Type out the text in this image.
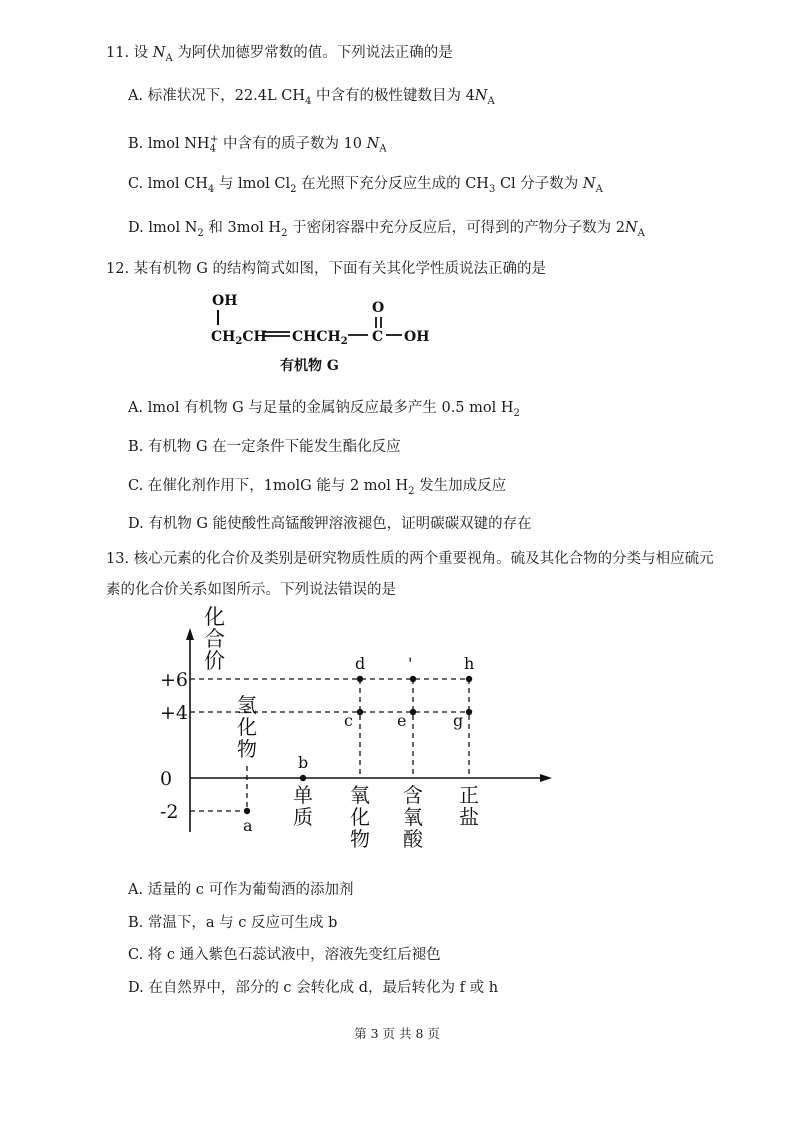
11. 设 $N_A$ 为阿伏加德罗常数的值。下列说法正确的是
A. 标准状况下，22.4L $CH_4$ 中含有的极性键数目为 $4N_A$
B. lmol $NH_4^+$ 中含有的质子数为 10 $N_A$
C. lmol $CH_4$ 与 lmol $Cl_2$ 在光照下充分反应生成的 $CH_3$ Cl 分子数为 $N_A$
D. lmol $N_2$ 和 3mol $H_2$ 于密闭容器中充分反应后，可得到的产物分子数为 $2N_A$
12. 某有机物 G 的结构简式如图，下面有关其化学性质说法正确的是
OH	O
$CH_2CH$ $CHCH_2$ C OH
有机物 G
A. lmol 有机物 G 与足量的金属钠反应最多产生 0.5 mol $H_2$
B. 有机物 G 在一定条件下能发生酯化反应
C. 在催化剂作用下，1molG 能与 2 mol $H_2$ 发生加成反应
D. 有机物 G 能使酸性高锰酸钾溶液褪色，证明碳碳双键的存在
13. 核心元素的化合价及类别是研究物质性质的两个重要视角。硫及其化合物的分类与相应硫元
素的化合价关系如图所示。下列说法错误的是
化
合
价
+6
+4
0
-2
氢
化
物
单
质
氧
化
物
含
氧
酸
正
盐
a
b
c
d
e
'
g
h
A. 适量的 c 可作为葡萄酒的添加剂
B. 常温下，a 与 c 反应可生成 b
C. 将 c 通入紫色石蕊试液中，溶液先变红后褪色
D. 在自然界中，部分的 c 会转化成 d，最后转化为 f 或 h
第 3 页 共 8 页
